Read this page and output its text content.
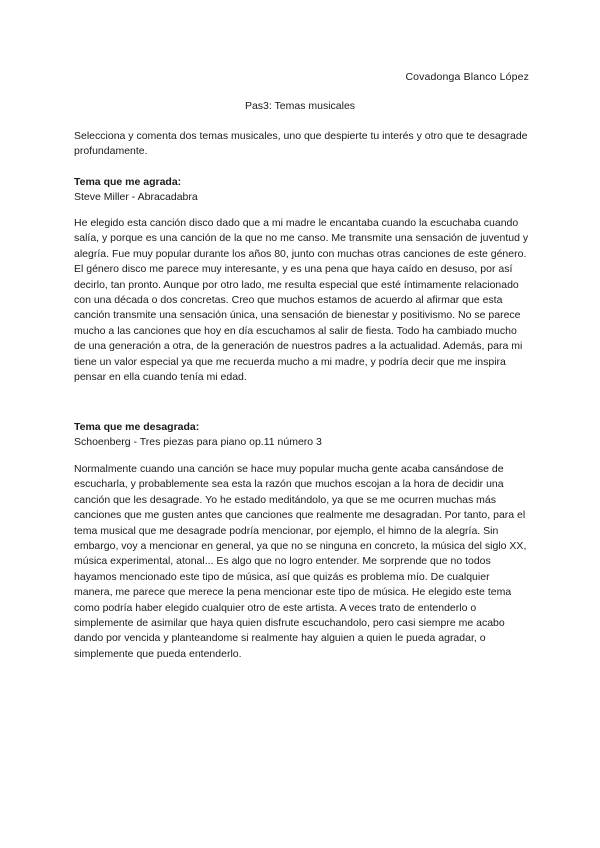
Covadonga Blanco López
Pas3: Temas musicales

Selecciona y comenta dos temas musicales, uno que despierte tu interés y otro que te desagrade profundamente.

Tema que me agrada:

Steve Miller - Abracadabra

He elegido esta canción disco dado que a mi madre le encantaba cuando la escuchaba cuando salía, y porque es una canción de la que no me canso. Me transmite una sensación de juventud y alegría. Fue muy popular durante los años 80, junto con muchas otras canciones de este género. El género disco me parece muy interesante, y es una pena que haya caído en desuso, por así decirlo, tan pronto. Aunque por otro lado, me resulta especial que esté íntimamente relacionado con una década o dos concretas. Creo que muchos estamos de acuerdo al afirmar que esta canción transmite una sensación única, una sensación de bienestar y positivismo. No se parece mucho a las canciones que hoy en día escuchamos al salir de fiesta. Todo ha cambiado mucho de una generación a otra, de la generación de nuestros padres a la actualidad. Además, para mi tiene un valor especial ya que me recuerda mucho a mi madre, y podría decir que me inspira pensar en ella cuando tenía mi edad.

Tema que me desagrada:

Schoenberg - Tres piezas para piano op.11 número 3

Normalmente cuando una canción se hace muy popular mucha gente acaba cansándose de escucharla, y probablemente sea esta la razón que muchos escojan a la hora de decidir una canción que les desagrade. Yo he estado meditándolo, ya que se me ocurren muchas más canciones que me gusten antes que canciones que realmente me desagradan. Por tanto, para el tema musical que me desagrade podría mencionar, por ejemplo, el himno de la alegría. Sin embargo, voy a mencionar en general, ya que no se ninguna en concreto, la música del siglo XX, música experimental, atonal... Es algo que no logro entender. Me sorprende que no todos hayamos mencionado este tipo de música, así que quizás es problema mío. De cualquier manera, me parece que merece la pena mencionar este tipo de música. He elegido este tema como podría haber elegido cualquier otro de este artista. A veces trato de entenderlo o simplemente de asimilar que haya quien disfrute escuchandolo, pero casi siempre me acabo dando por vencida y planteandome si realmente hay alguien a quien le pueda agradar, o simplemente que pueda entenderlo.
